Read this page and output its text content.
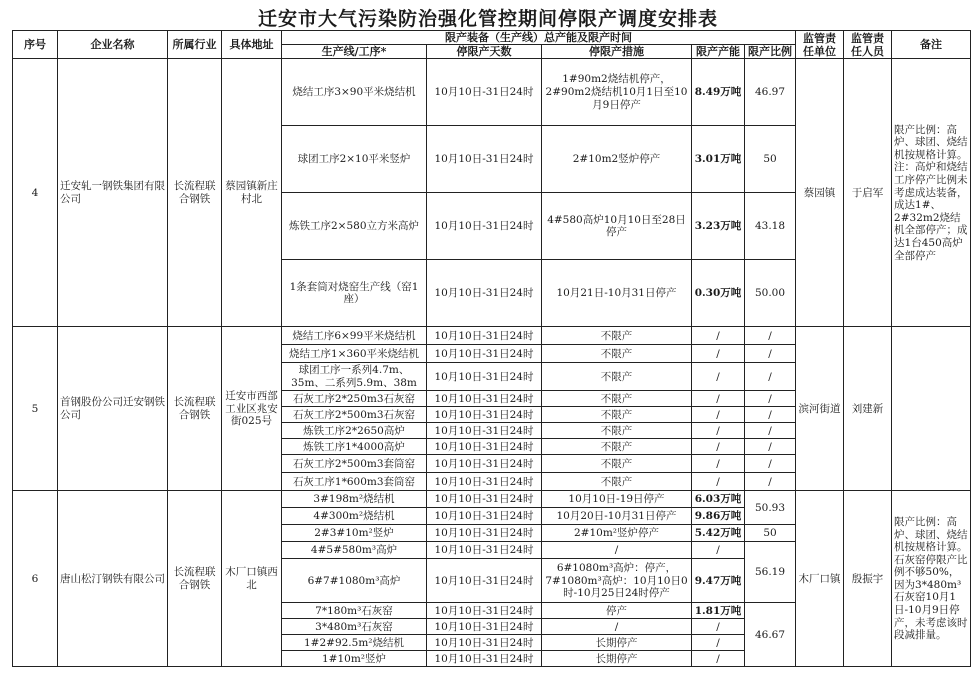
迁安市大气污染防治强化管控期间停限产调度安排表
序号	企业名称	所属行业	具体地址	限产装备（生产线）总产能及限产时间					监管责任单位	监管责任人员	备注
				生产线/工序*	停限产天数	停限产措施	限产产能	限产比例			
4	迁安轧一钢铁集团有限公司	长流程联合钢铁	蔡园镇新庄村北	烧结工序3×90平米烧结机	10月10日-31日24时	1#90m2烧结机停产，2#90m2烧结机10月1日至10月9日停产	8.49万吨	46.97	蔡园镇	于启军	限产比例：高炉、球团、烧结机按规格计算。注：高炉和烧结工序停产比例未考虑成达装备，成达1#、2#32m2烧结机全部停产；成达1台450高炉全部停产
				球团工序2×10平米竖炉	10月10日-31日24时	2#10m2竖炉停产	3.01万吨	50			
				炼铁工序2×580立方米高炉	10月10日-31日24时	4#580高炉10月10日至28日停产	3.23万吨	43.18			
				1条套筒对烧窑生产线（窑1座）	10月10日-31日24时	10月21日-10月31日停产	0.30万吨	50.00			
5	首钢股份公司迁安钢铁公司	长流程联合钢铁	迁安市西部工业区兆安街025号	烧结工序6×99平米烧结机	10月10日-31日24时	不限产	/	/	滨河街道	刘建新	
				烧结工序1×360平米烧结机	10月10日-31日24时	不限产	/	/			
				球团工序一系列4.7m、35m、二系列5.9m、38m	10月10日-31日24时	不限产	/	/			
				石灰工序2*250m3石灰窑	10月10日-31日24时	不限产	/	/			
				石灰工序2*500m3石灰窑	10月10日-31日24时	不限产	/	/			
				炼铁工序2*2650高炉	10月10日-31日24时	不限产	/	/			
				炼铁工序1*4000高炉	10月10日-31日24时	不限产	/	/			
				石灰工序2*500m3套筒窑	10月10日-31日24时	不限产	/	/			
				石灰工序1*600m3套筒窑	10月10日-31日24时	不限产	/	/			
6	唐山松汀钢铁有限公司	长流程联合钢铁	木厂口镇西北	3#198m²烧结机	10月10日-31日24时	10月10日-19日停产	6.03万吨	50.93	木厂口镇	殷振宇	限产比例：高炉、球团、烧结机按规格计算。石灰窑停限产比例不够50%，因为3*480m³石灰窑10月1日-10月9日停产，未考虑该时段减排量。
				4#300m²烧结机	10月10日-31日24时	10月20日-10月31日停产	9.86万吨				
				2#3#10m²竖炉	10月10日-31日24时	2#10m²竖炉停产	5.42万吨	50			
				4#5#580m³高炉	10月10日-31日24时	/	/	56.19			
				6#7#1080m³高炉	10月10日-31日24时	6#1080m³高炉：停产，7#1080m³高炉：10月10日0时-10月25日24时停产	9.47万吨				
				7*180m³石灰窑	10月10日-31日24时	停产	1.81万吨	46.67			
				3*480m³石灰窑	10月10日-31日24时	/	/				
				1#2#92.5m²烧结机	10月10日-31日24时	长期停产	/				
				1#10m²竖炉	10月10日-31日24时	长期停产	/				
